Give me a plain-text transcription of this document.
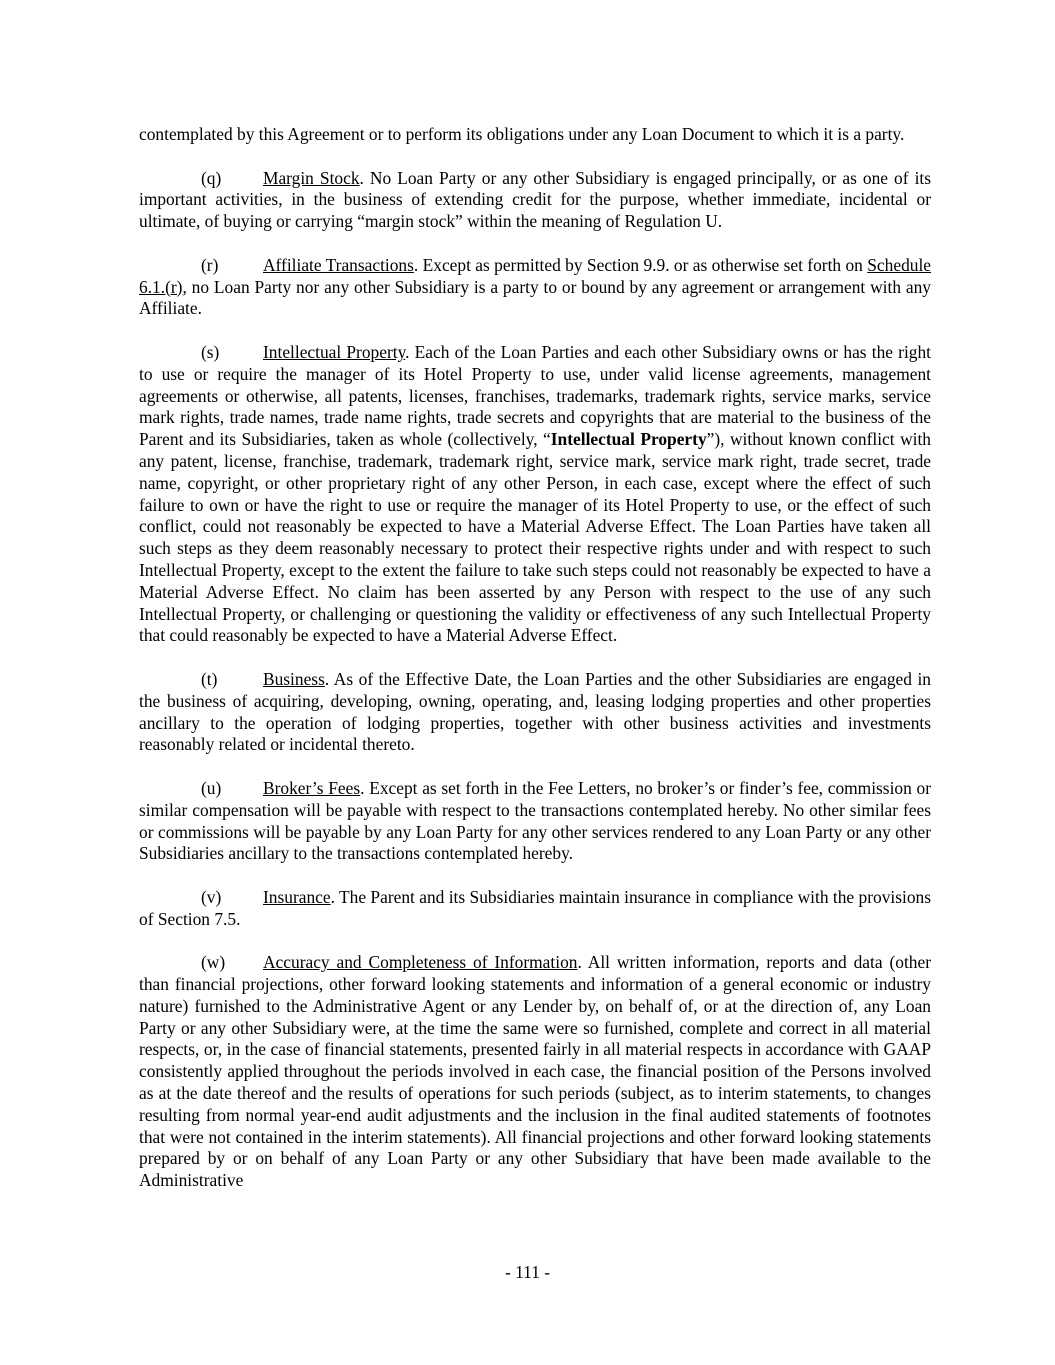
contemplated by this Agreement or to perform its obligations under any Loan Document to which it is a party.

(q) Margin Stock. No Loan Party or any other Subsidiary is engaged principally, or as one of its important activities, in the business of extending credit for the purpose, whether immediate, incidental or ultimate, of buying or carrying “margin stock” within the meaning of Regulation U.

(r)	Affiliate Transactions. Except as permitted by Section 9.9. or as otherwise set forth on Schedule 6.1.(r), no Loan Party nor any other Subsidiary is a party to or bound by any agreement or arrangement with any Affiliate.

(s)	Intellectual Property. Each of the Loan Parties and each other Subsidiary owns or has the right to use or require the manager of its Hotel Property to use, under valid license agreements, management agreements or otherwise, all patents, licenses, franchises, trademarks, trademark rights, service marks, service mark rights, trade names, trade name rights, trade secrets and copyrights that are material to the business of the Parent and its Subsidiaries, taken as whole (collectively, “Intellectual Property”), without known conflict with any patent, license, franchise, trademark, trademark right, service mark, service mark right, trade secret, trade name, copyright, or other proprietary right of any other Person, in each case, except where the effect of such failure to own or have the right to use or require the manager of its Hotel Property to use, or the effect of such conflict, could not reasonably be expected to have a Material Adverse Effect. The Loan Parties have taken all such steps as they deem reasonably necessary to protect their respective rights under and with respect to such Intellectual Property, except to the extent the failure to take such steps could not reasonably be expected to have a Material Adverse Effect. No claim has been asserted by any Person with respect to the use of any such Intellectual Property, or challenging or questioning the validity or effectiveness of any such Intellectual Property that could reasonably be expected to have a Material Adverse Effect.

(t)	Business. As of the Effective Date, the Loan Parties and the other Subsidiaries are engaged in the business of acquiring, developing, owning, operating, and, leasing lodging properties and other properties ancillary to the operation of lodging properties, together with other business activities and investments reasonably related or incidental thereto.

(u) Broker’s Fees. Except as set forth in the Fee Letters, no broker’s or finder’s fee, commission or similar compensation will be payable with respect to the transactions contemplated hereby. No other similar fees or commissions will be payable by any Loan Party for any other services rendered to any Loan Party or any other Subsidiaries ancillary to the transactions contemplated hereby.

(v) Insurance. The Parent and its Subsidiaries maintain insurance in compliance with the provisions of Section 7.5.

(w) Accuracy and Completeness of Information. All written information, reports and data (other than financial projections, other forward looking statements and information of a general economic or industry nature) furnished to the Administrative Agent or any Lender by, on behalf of, or at the direction of, any Loan Party or any other Subsidiary were, at the time the same were so furnished, complete and correct in all material respects, or, in the case of financial statements, presented fairly in all material respects in accordance with GAAP consistently applied throughout the periods involved in each case, the financial position of the Persons involved as at the date thereof and the results of operations for such periods (subject, as to interim statements, to changes resulting from normal year-end audit adjustments and the inclusion in the final audited statements of footnotes that were not contained in the interim statements). All financial projections and other forward looking statements prepared by or on behalf of any Loan Party or any other Subsidiary that have been made available to the Administrative

- 111 -
